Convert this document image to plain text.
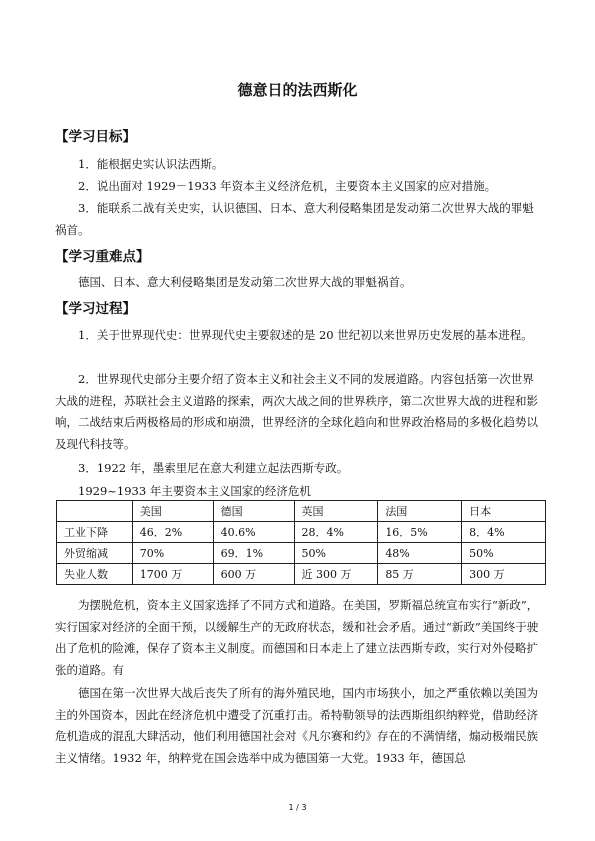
德意日的法西斯化
【学习目标】

1．能根据史实认识法西斯。

2．说出面对 1929－1933 年资本主义经济危机，主要资本主义国家的应对措施。

3．能联系二战有关史实，认识德国、日本、意大利侵略集团是发动第二次世界大战的罪魁祸首。

【学习重难点】

德国、日本、意大利侵略集团是发动第二次世界大战的罪魁祸首。

【学习过程】

1．关于世界现代史：世界现代史主要叙述的是 20 世纪初以来世界历史发展的基本进程。

2．世界现代史部分主要介绍了资本主义和社会主义不同的发展道路。内容包括第一次世界大战的进程，苏联社会主义道路的探索，两次大战之间的世界秩序，第二次世界大战的进程和影响，二战结束后两极格局的形成和崩溃，世界经济的全球化趋向和世界政治格局的多极化趋势以及现代科技等。

3．1922 年，墨索里尼在意大利建立起法西斯专政。

1929~1933 年主要资本主义国家的经济危机
	美国	德国	英国	法国	日本
工业下降	46．2%	40.6%	28．4%	16．5%	8．4%
外贸缩减	70%	69．1%	50%	48%	50%
失业人数	1700 万	600 万	近 300 万	85 万	300 万

为摆脱危机，资本主义国家选择了不同方式和道路。在美国，罗斯福总统宣布实行“新政”，实行国家对经济的全面干预，以缓解生产的无政府状态，缓和社会矛盾。通过“新政”美国终于驶出了危机的险滩，保存了资本主义制度。而德国和日本走上了建立法西斯专政，实行对外侵略扩张的道路。有

德国在第一次世界大战后丧失了所有的海外殖民地，国内市场狭小，加之严重依赖以美国为主的外国资本，因此在经济危机中遭受了沉重打击。希特勒领导的法西斯组织纳粹党，借助经济危机造成的混乱大肆活动，他们利用德国社会对《凡尔赛和约》存在的不满情绪，煽动极端民族主义情绪。1932 年，纳粹党在国会选举中成为德国第一大党。1933 年，德国总

1 / 3
